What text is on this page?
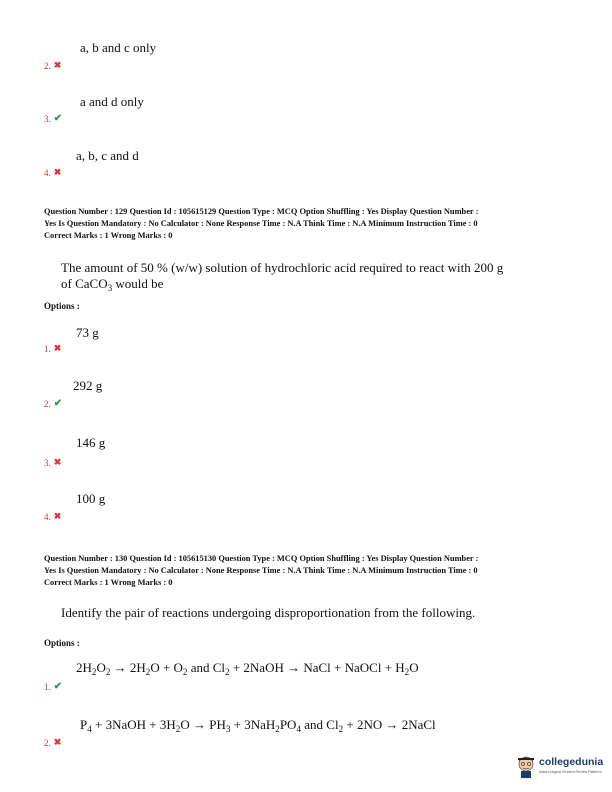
a, b and c only
2. ✖
a and d only
3. ✔
a, b, c and d
4. ✖
Question Number : 129 Question Id : 105615129 Question Type : MCQ Option Shuffling : Yes Display Question Number :
Yes Is Question Mandatory : No Calculator : None Response Time : N.A Think Time : N.A Minimum Instruction Time : 0
Correct Marks : 1 Wrong Marks : 0
The amount of 50 % (w/w) solution of hydrochloric acid required to react with 200 g
of CaCO$_3$ would be
Options :
73 g
1. ✖
292 g
2. ✔
146 g
3. ✖
100 g
4. ✖
Question Number : 130 Question Id : 105615130 Question Type : MCQ Option Shuffling : Yes Display Question Number :
Yes Is Question Mandatory : No Calculator : None Response Time : N.A Think Time : N.A Minimum Instruction Time : 0
Correct Marks : 1 Wrong Marks : 0
Identify the pair of reactions undergoing disproportionation from the following.
Options :
$2H_2O_2 \to 2H_2O + O_2$ and $Cl_2$ + 2NaOH → NaCl + NaOCl + $H_2O$
1. ✔
$P_4$ + 3NaOH + $3H_2O \to PH_3 + 3NaH_2PO_4$ and $Cl_2 + 2NO$ → 2NaCl
2. ✖
collegedunia
India's largest Student Review Platform
